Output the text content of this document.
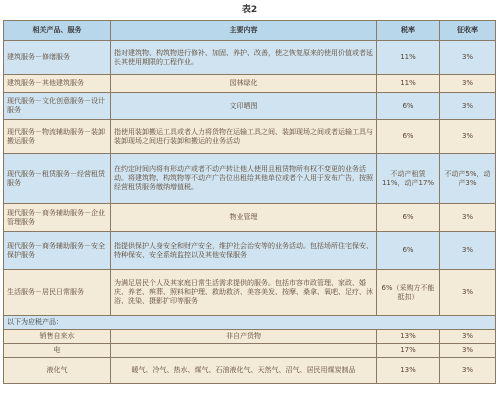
表2
相关产品、服务	主要内容	税率	征收率
建筑服务－修缮服务	指对建筑物、构筑物进行修补、加固、养护、改善，使之恢复原来的使用价值或者延长其使用期限的工程作业。	11%	3%
建筑服务－其他建筑服务	园林绿化	11%	3%
现代服务－文化创意服务－设计服务	文印晒图	6%	3%
现代服务－物流辅助服务－装卸搬运服务	指使用装卸搬运工具或者人力将货物在运输工具之间、装卸现场之间或者运输工具与装卸现场之间进行装卸和搬运的业务活动	6%	3%
现代服务－租赁服务－经营租赁服务	在约定时间内将有形动产或者不动产转让他人使用且租赁物所有权不变更的业务活动。将建筑物、构筑物等不动产广告位出租给其他单位或者个人用于发布广告，按照经营租赁服务缴纳增值税。	不动产租赁11%，动产17%	不动产5%，动产3%
现代服务－商务辅助服务－企业管理服务	物业管理	6%	3%
现代服务－商务辅助服务－安全保护服务	指提供保护人身安全和财产安全，维护社会治安等的业务活动。包括场所住宅保安、特种保安、安全系统监控以及其他安保服务	6%	3%
生活服务－居民日常服务	为满足居民个人及其家庭日常生活需求提供的服务。包括市容市政管理、家政、婚庆、养老、殡葬、照料和护理、救助救济、美容美发、按摩、桑拿、氧吧、足疗、沐浴、洗染、摄影扩印等服务	6%（采购方不能抵扣）	3%
以下为应税产品：			
销售自来水	非自产货物	13%	3%
电		17%	3%
液化气	暖气、冷气、热水、煤气、石油液化气、天然气、沼气、居民用煤炭制品	13%	3%
